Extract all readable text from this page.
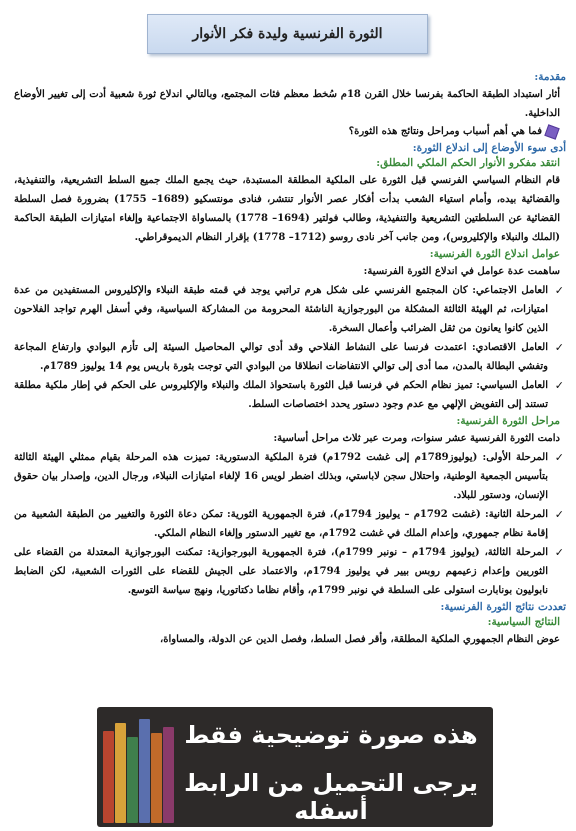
الثورة الفرنسية وليدة فكر الأنوار

مقدمة:

أثار استبداد الطبقة الحاكمة بفرنسا خلال القرن 18م سُخط معظم فئات المجتمع، وبالتالي اندلاع ثورة شعبية أدت إلى تغيير الأوضاع الداخلية.

فما هي أهم أسباب ومراحل ونتائج هذه الثورة؟

أدى سوء الأوضاع إلى اندلاع الثورة:

انتقد مفكرو الأنوار الحكم الملكي المطلق:

قام النظام السياسي الفرنسي قبل الثورة على الملكية المطلقة المستبدة، حيث يجمع الملك جميع السلط التشريعية، والتنفيذية، والقضائية بيده، وأمام استياء الشعب بدأت أفكار عصر الأنوار تنتشر، فنادى مونتسكيو (1689– 1755) بضرورة فصل السلطة القضائية عن السلطتين التشريعية والتنفيذية، وطالب فولتير (1694– 1778) بالمساواة الاجتماعية وإلغاء امتيازات الطبقة الحاكمة (الملك والنبلاء والإكليروس)، ومن جانب آخر نادى روسو (1712– 1778) بإقرار النظام الديموقراطي.

عوامل اندلاع الثورة الفرنسية:

ساهمت عدة عوامل في اندلاع الثورة الفرنسية:

✓
العامل الاجتماعي: كان المجتمع الفرنسي على شكل هرم تراتبي يوجد في قمته طبقة النبلاء والإكليروس المستفيدين من عدة امتيازات، ثم الهيئة الثالثة المشكلة من البورجوازية الناشئة المحرومة من المشاركة السياسية، وفي أسفل الهرم تواجد الفلاحون الذين كانوا يعانون من ثقل الضرائب وأعمال السخرة.
✓
العامل الاقتصادي: اعتمدت فرنسا على النشاط الفلاحي وقد أدى توالي المحاصيل السيئة إلى تأزم البوادي وارتفاع المجاعة وتفشي البطالة بالمدن، مما أدى إلى توالي الانتفاضات انطلاقا من البوادي التي توجت بثورة باريس يوم 14 يوليوز 1789م.
✓
العامل السياسي: تميز نظام الحكم في فرنسا قبل الثورة باستحواذ الملك والنبلاء والإكليروس على الحكم في إطار ملكية مطلقة تستند إلى التفويض الإلهي مع عدم وجود دستور يحدد اختصاصات السلط.

مراحل الثورة الفرنسية:

دامت الثورة الفرنسية عشر سنوات، ومرت عبر ثلاث مراحل أساسية:

✓
المرحلة الأولى: (يوليوز1789م إلى غشت 1792م) فترة الملكية الدستورية: تميزت هذه المرحلة بقيام ممثلي الهيئة الثالثة بتأسيس الجمعية الوطنية، واحتلال سجن لاباستي، وبذلك اضطر لويس 16 لإلغاء امتيازات النبلاء، ورجال الدين، وإصدار بيان حقوق الإنسان، ودستور للبلاد.
✓
المرحلة الثانية: (غشت 1792م – يوليوز 1794م)، فترة الجمهورية الثورية: تمكن دعاة الثورة والتغيير من الطبقة الشعبية من إقامة نظام جمهوري، وإعدام الملك في غشت 1792م، مع تغيير الدستور وإلغاء النظام الملكي.
✓
المرحلة الثالثة، (يوليوز 1794م – نونبر 1799م)، فترة الجمهورية البورجوازية: تمكنت البورجوازية المعتدلة من القضاء على الثوريين وإعدام زعيمهم روبس بيير في يوليوز 1794م، والاعتماد على الجيش للقضاء على الثورات الشعبية، لكن الضابط نابوليون بونابارت استولى على السلطة في نونبر 1799م، وأقام نظاما دكتاتوريا، ونهج سياسة التوسع.

تعددت نتائج الثورة الفرنسية:

النتائج السياسية:

عوض النظام الجمهوري الملكية المطلقة، وأقر فصل السلط، وفصل الدين عن الدولة، والمساواة،

هذه صورة توضيحية فقط
يرجى التحميل من الرابط أسفله
